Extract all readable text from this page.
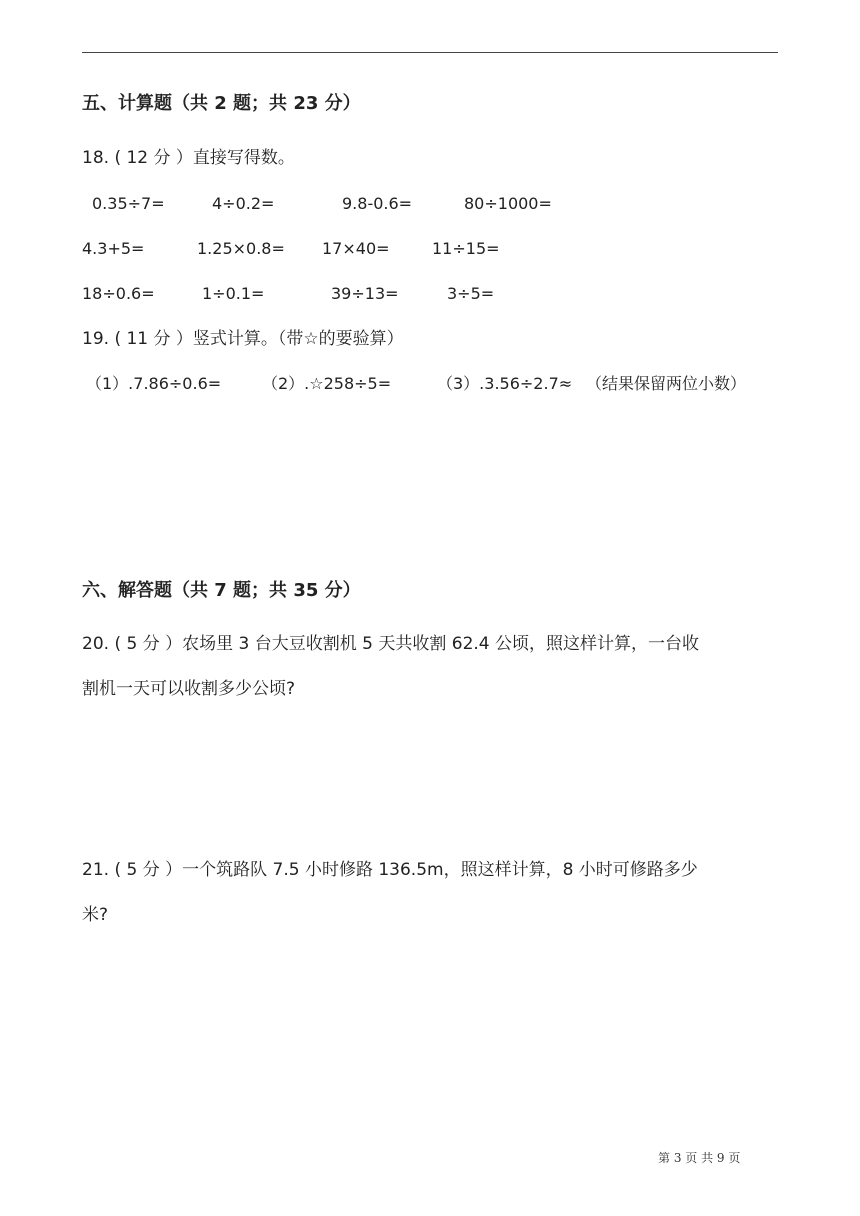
五、计算题（共 2 题；共 23 分）
18. ( 12 分 ）直接写得数。
0.35÷7=	4÷0.2=	9.8-0.6=	80÷1000=
4.3+5=	1.25×0.8= 17×40=	11÷15=
18÷0.6=	1÷0.1=	39÷13=	3÷5=
19. ( 11 分 ）竖式计算。（带☆的要验算）
（1）.7.86÷0.6=	（2）.☆258÷5=	（3）.3.56÷2.7≈ （结果保留两位小数）
六、解答题（共 7 题；共 35 分）
20. ( 5 分 ）农场里 3 台大豆收割机 5 天共收割 62.4 公顷，照这样计算，一台收
割机一天可以收割多少公顷?
21. ( 5 分 ）一个筑路队 7.5 小时修路 136.5m，照这样计算，8 小时可修路多少
米?
第 3 页 共 9 页
